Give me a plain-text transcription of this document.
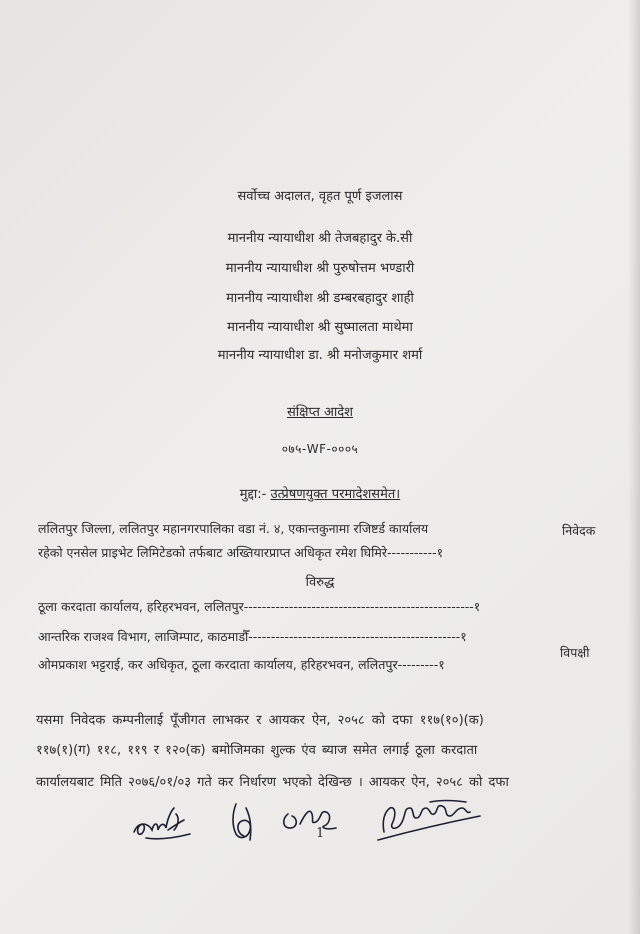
सर्वोच्च अदालत, वृहत पूर्ण इजलास
माननीय न्यायाधीश श्री तेजबहादुर के.सी
माननीय न्यायाधीश श्री पुरुषोत्तम भण्डारी
माननीय न्यायाधीश श्री डम्बरबहादुर शाही
माननीय न्यायाधीश श्री सुष्मालता माथेमा
माननीय न्यायाधीश डा. श्री मनोजकुमार शर्मा
संक्षिप्त आदेश
०७५-WF-०००५
मुद्दा:- उत्प्रेषणयुक्त परमादेशसमेत।
ललितपुर जिल्ला, ललितपुर महानगरपालिका वडा नं. ४, एकान्तकुनामा रजिष्टर्ड कार्यालय
रहेको एनसेल प्राइभेट लिमिटेडको तर्फबाट अख्तियारप्राप्त अधिकृत रमेश घिमिरे-----------१
निवेदक
विरुद्ध
ठूला करदाता कार्यालय, हरिहरभवन, ललितपुर---------------------------------------------------१
आन्तरिक राजश्व विभाग, लाजिम्पाट, काठमाडौँ-----------------------------------------------१
ओमप्रकाश भट्टराई, कर अधिकृत, ठूला करदाता कार्यालय, हरिहरभवन, ललितपुर---------१
विपक्षी
यसमा निवेदक कम्पनीलाई पूँजीगत लाभकर र आयकर ऐन, २०५८ को दफा ११७(१०)(क)
११७(१)(ग) ११८, ११९ र १२०(क) बमोजिमका शुल्क एंव ब्याज समेत लगाई ठूला करदाता
कार्यालयबाट मिति २०७६/०१/०३ गते कर निर्धारण भएको देखिन्छ । आयकर ऐन, २०५८ को दफा
1
